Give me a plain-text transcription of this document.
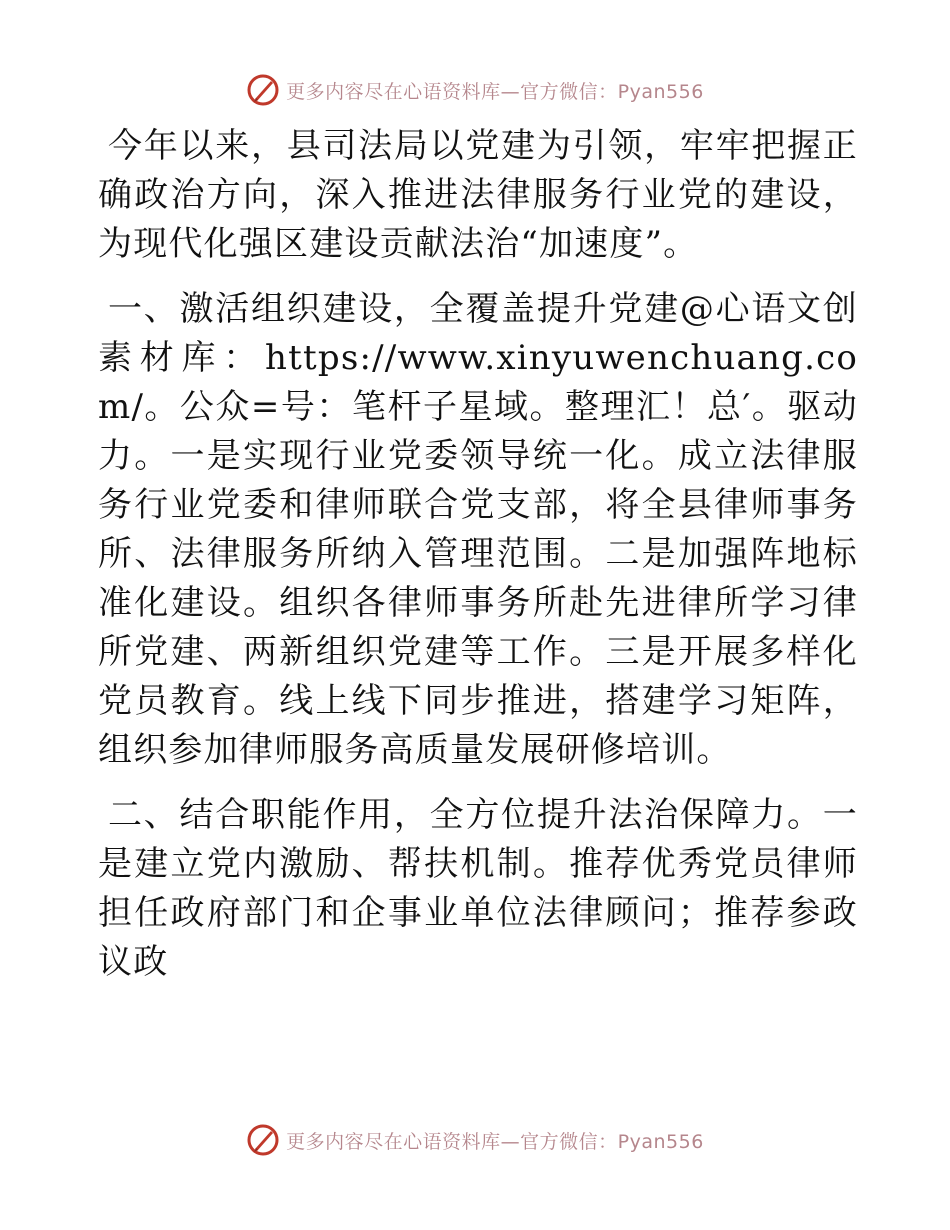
更多内容尽在心语资料库—官方微信：Pyan556

今年以来，县司法局以党建为引领，牢牢把握正确政治方向，深入推进法律服务行业党的建设，为现代化强区建设贡献法治“加速度”。

一、激活组织建设，全覆盖提升党建@心语文创素材库：https://www.xinyuwenchuang.com/。公众=号：笔杆子星域。整理汇！总′。驱动力。一是实现行业党委领导统一化。成立法律服务行业党委和律师联合党支部，将全县律师事务所、法律服务所纳入管理范围。二是加强阵地标准化建设。组织各律师事务所赴先进律所学习律所党建、两新组织党建等工作。三是开展多样化党员教育。线上线下同步推进，搭建学习矩阵，组织参加律师服务高质量发展研修培训。

二、结合职能作用，全方位提升法治保障力。一是建立党内激励、帮扶机制。推荐优秀党员律师担任政府部门和企事业单位法律顾问；推荐参政议政

更多内容尽在心语资料库—官方微信：Pyan556
